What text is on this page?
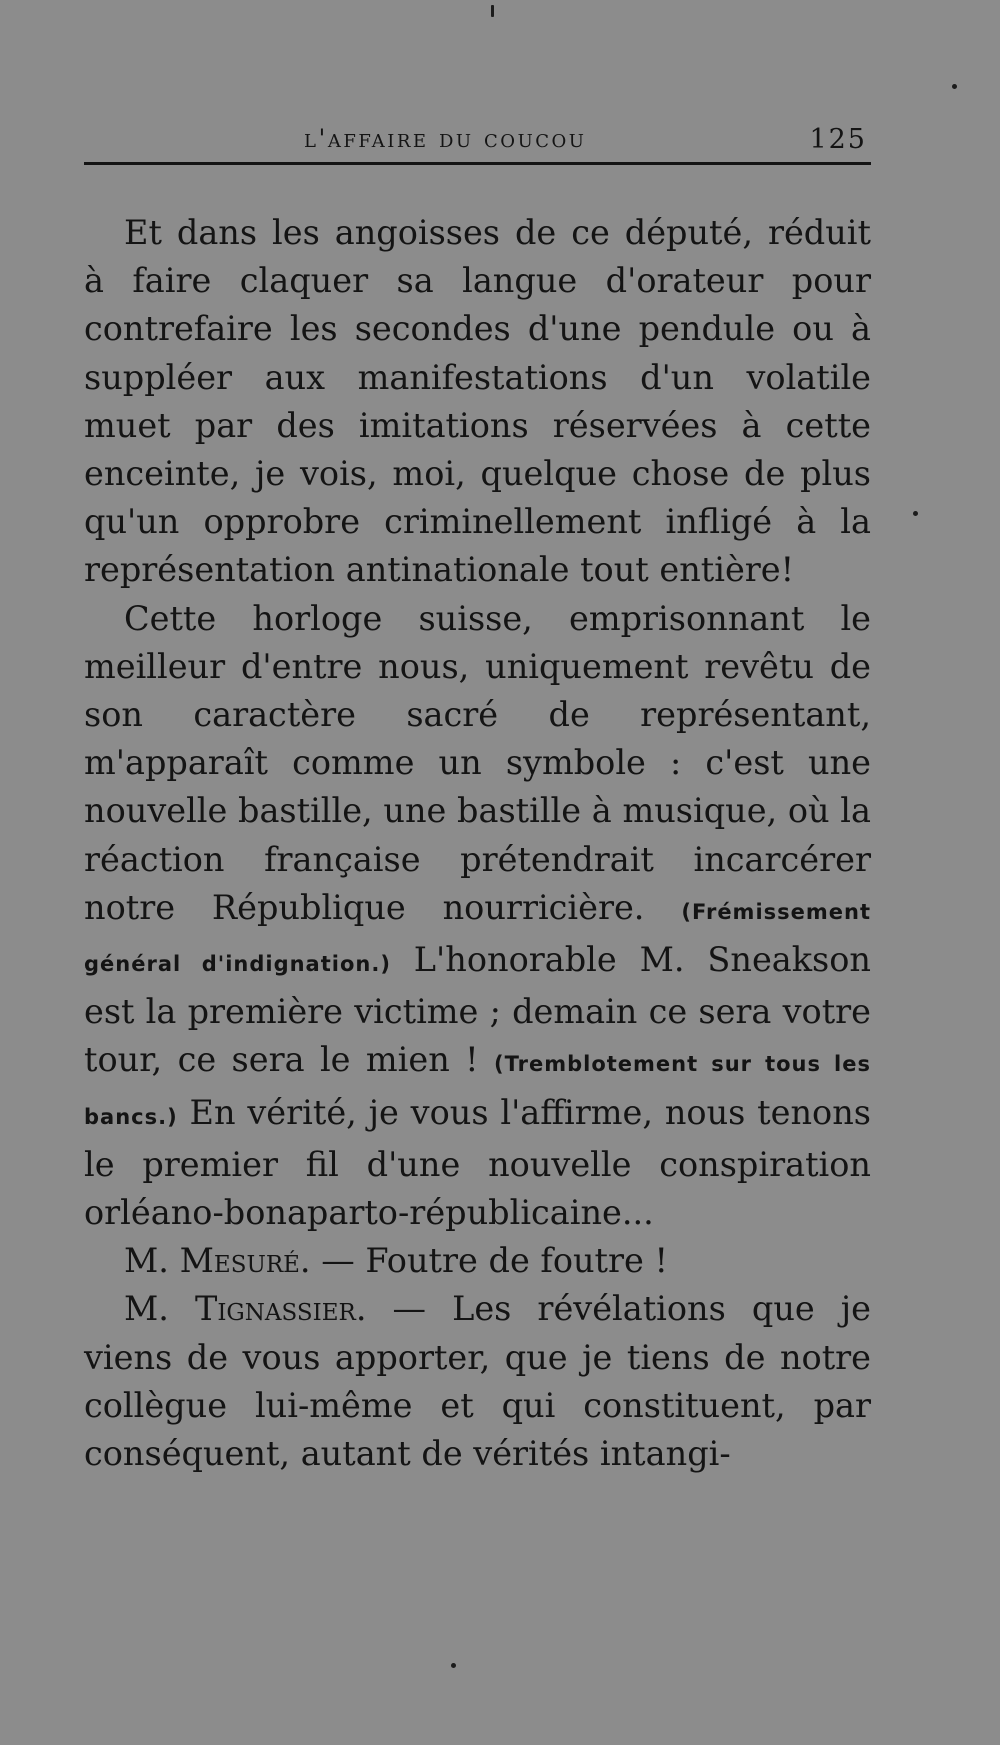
l'affaire du coucou	125

Et dans les angoisses de ce député, réduit à faire claquer sa langue d'orateur pour contrefaire les secondes d'une pendule ou à suppléer aux manifestations d'un volatile muet par des imitations réservées à cette enceinte, je vois, moi, quelque chose de plus qu'un opprobre criminellement infligé à la représentation antinationale tout entière!

Cette horloge suisse, emprisonnant le meilleur d'entre nous, uniquement revêtu de son caractère sacré de représentant, m'apparaît comme un symbole : c'est une nouvelle bastille, une bastille à musique, où la réaction française prétendrait incarcérer notre République nourricière. (Frémissement général d'indignation.) L'honorable M. Sneakson est la première victime ; demain ce sera votre tour, ce sera le mien ! (Tremblotement sur tous les bancs.) En vérité, je vous l'affirme, nous tenons le premier fil d'une nouvelle conspiration orléano-bonaparto-républicaine...

M. Mesuré. — Foutre de foutre !

M. Tignassier. — Les révélations que je viens de vous apporter, que je tiens de notre collègue lui-même et qui constituent, par conséquent, autant de vérités intangi-
